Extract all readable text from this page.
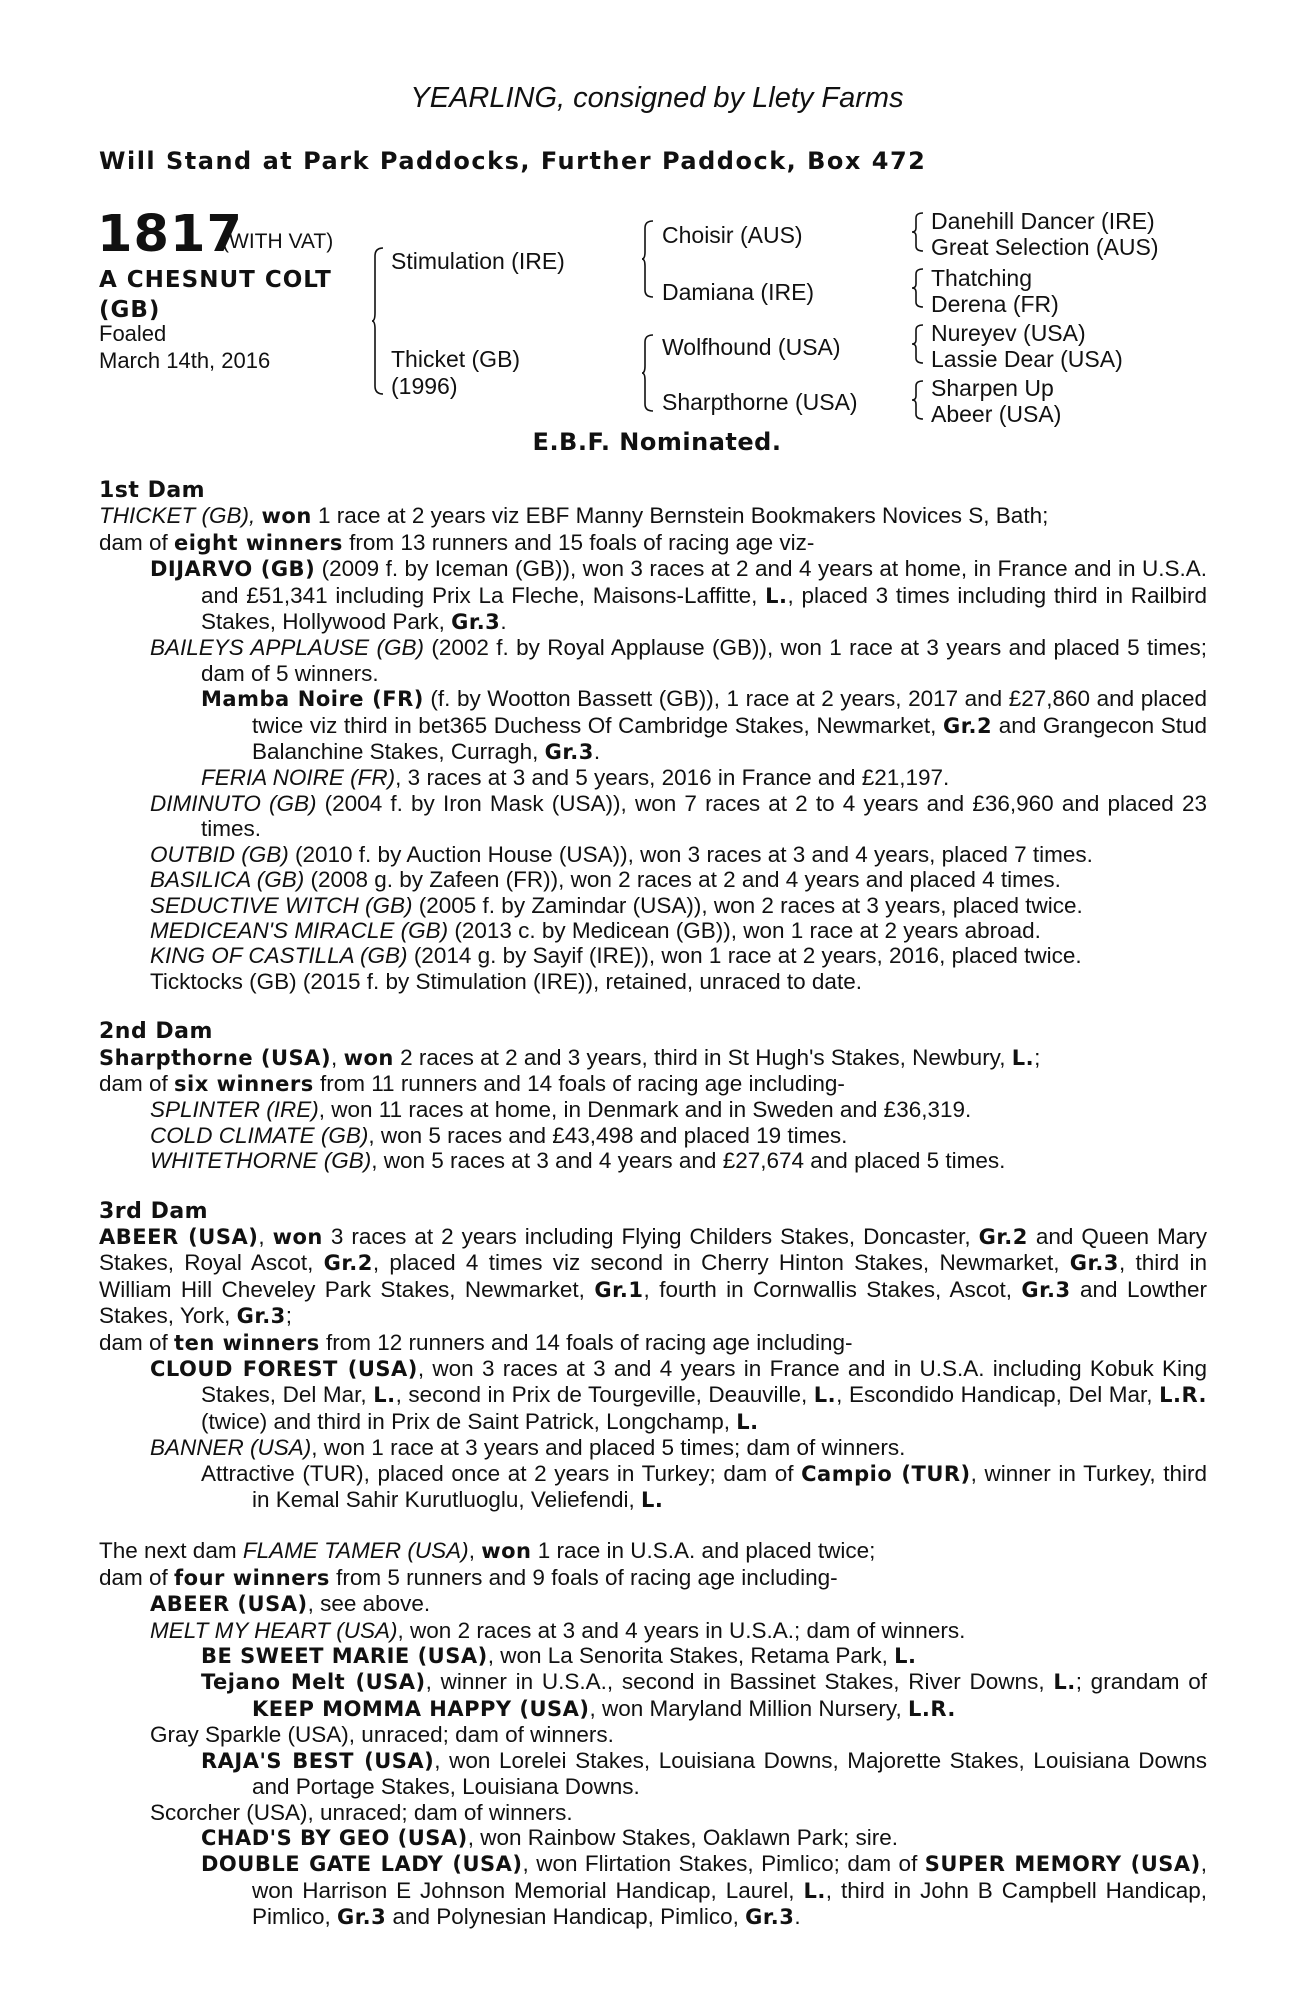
YEARLING, consigned by Llety Farms
Will Stand at Park Paddocks, Further Paddock, Box 472
1817
(WITH VAT)
A CHESNUT COLT
(GB)
Foaled
March 14th, 2016
Stimulation (IRE)
Thicket (GB)
(1996)
Choisir (AUS)
Damiana (IRE)
Wolfhound (USA)
Sharpthorne (USA)
Danehill Dancer (IRE)
Great Selection (AUS)
Thatching
Derena (FR)
Nureyev (USA)
Lassie Dear (USA)
Sharpen Up
Abeer (USA)
E.B.F. Nominated.

1st Dam

THICKET (GB), won 1 race at 2 years viz EBF Manny Bernstein Bookmakers Novices S, Bath;

dam of eight winners from 13 runners and 15 foals of racing age viz-

DIJARVO (GB) (2009 f. by Iceman (GB)), won 3 races at 2 and 4 years at home, in France and in U.S.A. and £51,341 including Prix La Fleche, Maisons-Laffitte, L., placed 3 times including third in Railbird Stakes, Hollywood Park, Gr.3.

BAILEYS APPLAUSE (GB) (2002 f. by Royal Applause (GB)), won 1 race at 3 years and placed 5 times; dam of 5 winners.

Mamba Noire (FR) (f. by Wootton Bassett (GB)), 1 race at 2 years, 2017 and £27,860 and placed twice viz third in bet365 Duchess Of Cambridge Stakes, Newmarket, Gr.2 and Grangecon Stud Balanchine Stakes, Curragh, Gr.3.

FERIA NOIRE (FR), 3 races at 3 and 5 years, 2016 in France and £21,197.

DIMINUTO (GB) (2004 f. by Iron Mask (USA)), won 7 races at 2 to 4 years and £36,960 and placed 23 times.

OUTBID (GB) (2010 f. by Auction House (USA)), won 3 races at 3 and 4 years, placed 7 times.

BASILICA (GB) (2008 g. by Zafeen (FR)), won 2 races at 2 and 4 years and placed 4 times.

SEDUCTIVE WITCH (GB) (2005 f. by Zamindar (USA)), won 2 races at 3 years, placed twice.

MEDICEAN'S MIRACLE (GB) (2013 c. by Medicean (GB)), won 1 race at 2 years abroad.

KING OF CASTILLA (GB) (2014 g. by Sayif (IRE)), won 1 race at 2 years, 2016, placed twice.

Ticktocks (GB) (2015 f. by Stimulation (IRE)), retained, unraced to date.

2nd Dam

Sharpthorne (USA), won 2 races at 2 and 3 years, third in St Hugh's Stakes, Newbury, L.;

dam of six winners from 11 runners and 14 foals of racing age including-

SPLINTER (IRE), won 11 races at home, in Denmark and in Sweden and £36,319.

COLD CLIMATE (GB), won 5 races and £43,498 and placed 19 times.

WHITETHORNE (GB), won 5 races at 3 and 4 years and £27,674 and placed 5 times.

3rd Dam

ABEER (USA), won 3 races at 2 years including Flying Childers Stakes, Doncaster, Gr.2 and Queen Mary Stakes, Royal Ascot, Gr.2, placed 4 times viz second in Cherry Hinton Stakes, Newmarket, Gr.3, third in William Hill Cheveley Park Stakes, Newmarket, Gr.1, fourth in Cornwallis Stakes, Ascot, Gr.3 and Lowther Stakes, York, Gr.3;

dam of ten winners from 12 runners and 14 foals of racing age including-

CLOUD FOREST (USA), won 3 races at 3 and 4 years in France and in U.S.A. including Kobuk King Stakes, Del Mar, L., second in Prix de Tourgeville, Deauville, L., Escondido Handicap, Del Mar, L.R. (twice) and third in Prix de Saint Patrick, Longchamp, L.

BANNER (USA), won 1 race at 3 years and placed 5 times; dam of winners.

Attractive (TUR), placed once at 2 years in Turkey; dam of Campio (TUR), winner in Turkey, third in Kemal Sahir Kurutluoglu, Veliefendi, L.

The next dam FLAME TAMER (USA), won 1 race in U.S.A. and placed twice;

dam of four winners from 5 runners and 9 foals of racing age including-

ABEER (USA), see above.

MELT MY HEART (USA), won 2 races at 3 and 4 years in U.S.A.; dam of winners.

BE SWEET MARIE (USA), won La Senorita Stakes, Retama Park, L.

Tejano Melt (USA), winner in U.S.A., second in Bassinet Stakes, River Downs, L.; grandam of KEEP MOMMA HAPPY (USA), won Maryland Million Nursery, L.R.

Gray Sparkle (USA), unraced; dam of winners.

RAJA'S BEST (USA), won Lorelei Stakes, Louisiana Downs, Majorette Stakes, Louisiana Downs and Portage Stakes, Louisiana Downs.

Scorcher (USA), unraced; dam of winners.

CHAD'S BY GEO (USA), won Rainbow Stakes, Oaklawn Park; sire.

DOUBLE GATE LADY (USA), won Flirtation Stakes, Pimlico; dam of SUPER MEMORY (USA), won Harrison E Johnson Memorial Handicap, Laurel, L., third in John B Campbell Handicap, Pimlico, Gr.3 and Polynesian Handicap, Pimlico, Gr.3.
